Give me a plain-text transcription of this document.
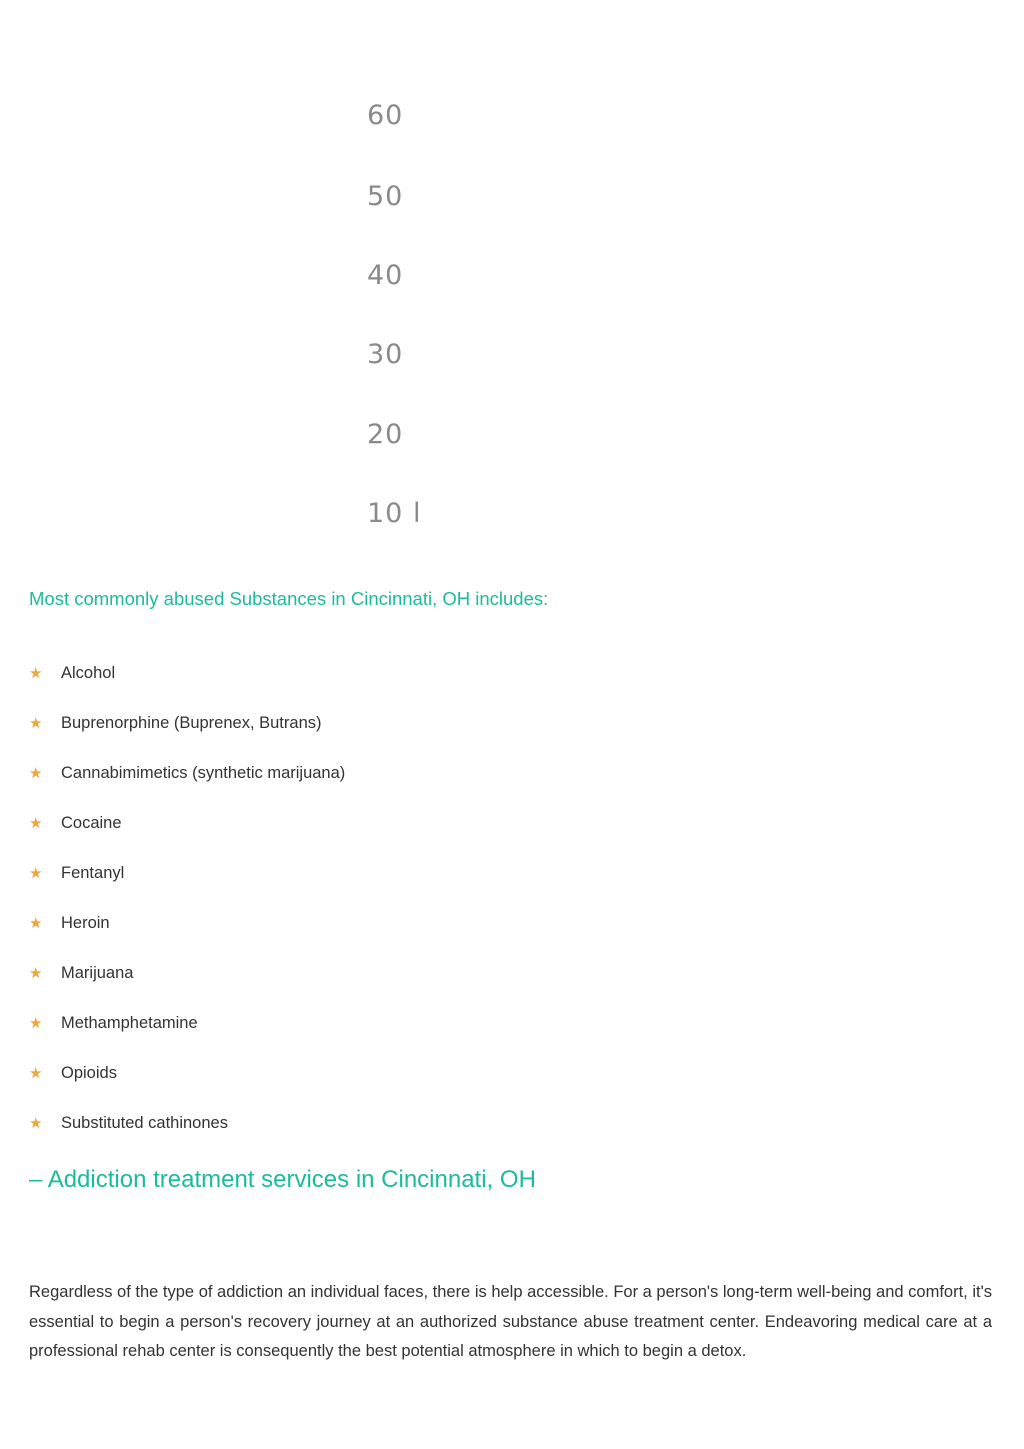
60
50
40
30
20
10 l
Most commonly abused Substances in Cincinnati, OH includes:
★	Alcohol
★	Buprenorphine (Buprenex, Butrans)
★	Cannabimimetics (synthetic marijuana)
★	Cocaine
★	Fentanyl
★	Heroin
★	Marijuana
★	Methamphetamine
★	Opioids
★	Substituted cathinones
– Addiction treatment services in Cincinnati, OH

Regardless of the type of addiction an individual faces, there is help accessible. For a person's long-term well-being and comfort, it's essential to begin a person's recovery journey at an authorized substance abuse treatment center. Endeavoring medical care at a professional rehab center is consequently the best potential atmosphere in which to begin a detox.
